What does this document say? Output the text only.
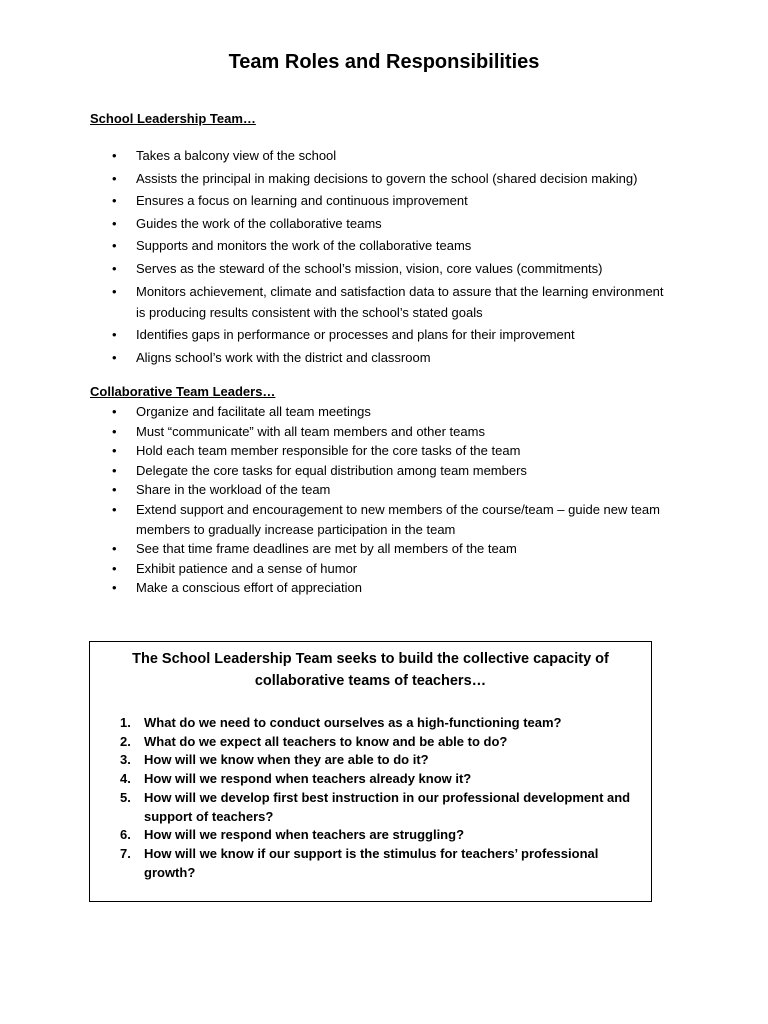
Team Roles and Responsibilities

School Leadership Team…

• Takes a balcony view of the school
• Assists the principal in making decisions to govern the school (shared decision making)
• Ensures a focus on learning and continuous improvement
• Guides the work of the collaborative teams
• Supports and monitors the work of the collaborative teams
• Serves as the steward of the school’s mission, vision, core values (commitments)
• Monitors achievement, climate and satisfaction data to assure that the learning environment is producing results consistent with the school’s stated goals
• Identifies gaps in performance or processes and plans for their improvement
• Aligns school’s work with the district and classroom

Collaborative Team Leaders…

• Organize and facilitate all team meetings
• Must “communicate” with all team members and other teams
• Hold each team member responsible for the core tasks of the team
• Delegate the core tasks for equal distribution among team members
• Share in the workload of the team
• Extend support and encouragement to new members of the course/team – guide new team members to gradually increase participation in the team
• See that time frame deadlines are met by all members of the team
• Exhibit patience and a sense of humor
• Make a conscious effort of appreciation

The School Leadership Team seeks to build the collective capacity of collaborative teams of teachers…

1. What do we need to conduct ourselves as a high-functioning team?
2. What do we expect all teachers to know and be able to do?
3. How will we know when they are able to do it?
4. How will we respond when teachers already know it?
5. How will we develop first best instruction in our professional development and support of teachers?
6. How will we respond when teachers are struggling?
7. How will we know if our support is the stimulus for teachers’ professional growth?
